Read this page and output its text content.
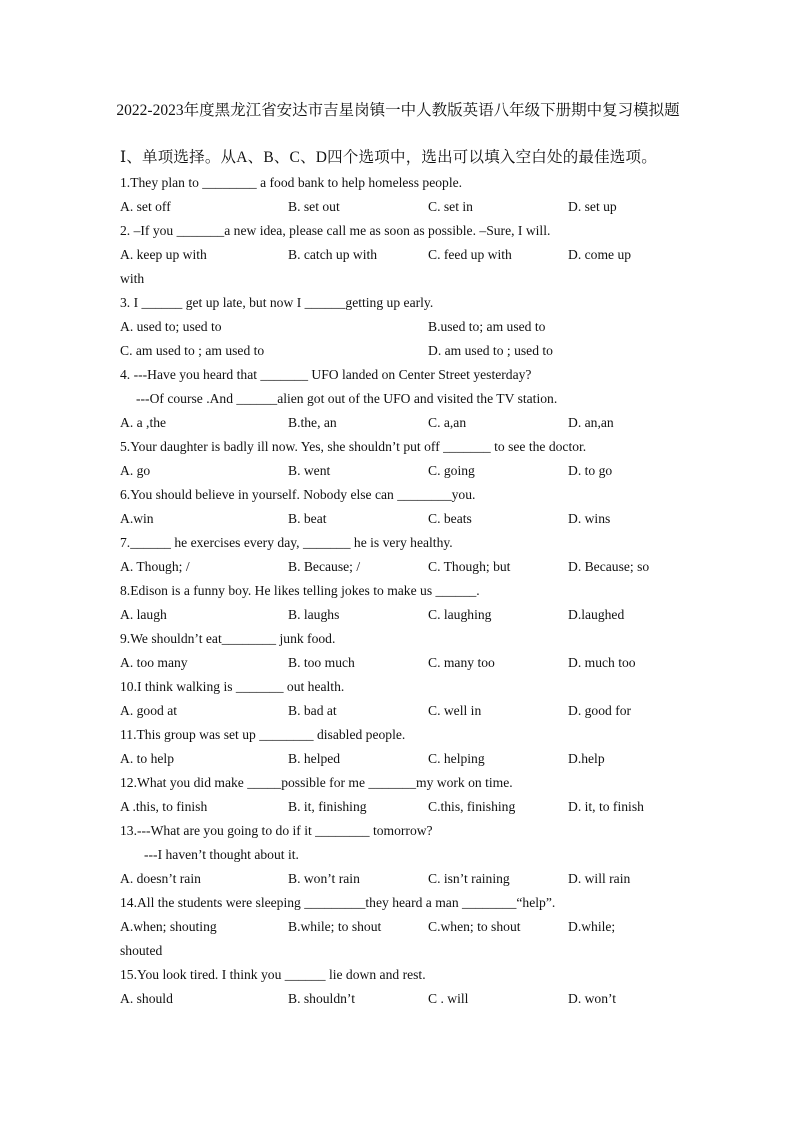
2022-2023年度黑龙江省安达市吉星岗镇一中人教版英语八年级下册期中复习模拟题
Ⅰ、单项选择。从A、B、C、D四个选项中，选出可以填入空白处的最佳选项。
1.They plan to ________ a food bank to help homeless people.
A. set off	B. set out	C. set in	D. set up
2. –If you _______a new idea, please call me as soon as possible. –Sure, I will.
A. keep up with	B. catch up with	C. feed up with	D. come up
with
3. I ______ get up late, but now I ______getting up early.
A. used to; used to	B.used to; am used to
C. am used to ; am used to	D. am used to ; used to
4. ---Have you heard that _______ UFO landed on Center Street yesterday?
---Of course .And ______alien got out of the UFO and visited the TV station.
A. a ,the	B.the, an	C. a,an	D. an,an
5.Your daughter is badly ill now. Yes, she shouldn’t put off _______ to see the doctor.
A. go	B. went	C. going	D. to go
6.You should believe in yourself. Nobody else can ________you.
A.win	B. beat	C. beats	D. wins
7.______ he exercises every day, _______ he is very healthy.
A. Though; /	B. Because; /	C. Though; but	D. Because; so
8.Edison is a funny boy. He likes telling jokes to make us ______.
A. laugh	B. laughs	C. laughing	D.laughed
9.We shouldn’t eat________ junk food.
A. too many	B. too much	C. many too	D. much too
10.I think walking is _______ out health.
A. good at	B. bad at	C. well in	D. good for
11.This group was set up ________ disabled people.
A. to help	B. helped	C. helping	D.help
12.What you did make _____possible for me _______my work on time.
A .this, to finish	B. it, finishing	C.this, finishing	D. it, to finish
13.---What are you going to do if it ________ tomorrow?
---I haven’t thought about it.
A. doesn’t rain	B. won’t rain	C. isn’t raining	D. will rain
14.All the students were sleeping _________they heard a man ________“help”.
A.when; shouting	B.while; to shout	C.when; to shout	D.while;
shouted
15.You look tired. I think you ______ lie down and rest.
A. should	B. shouldn’t	C . will	D. won’t
